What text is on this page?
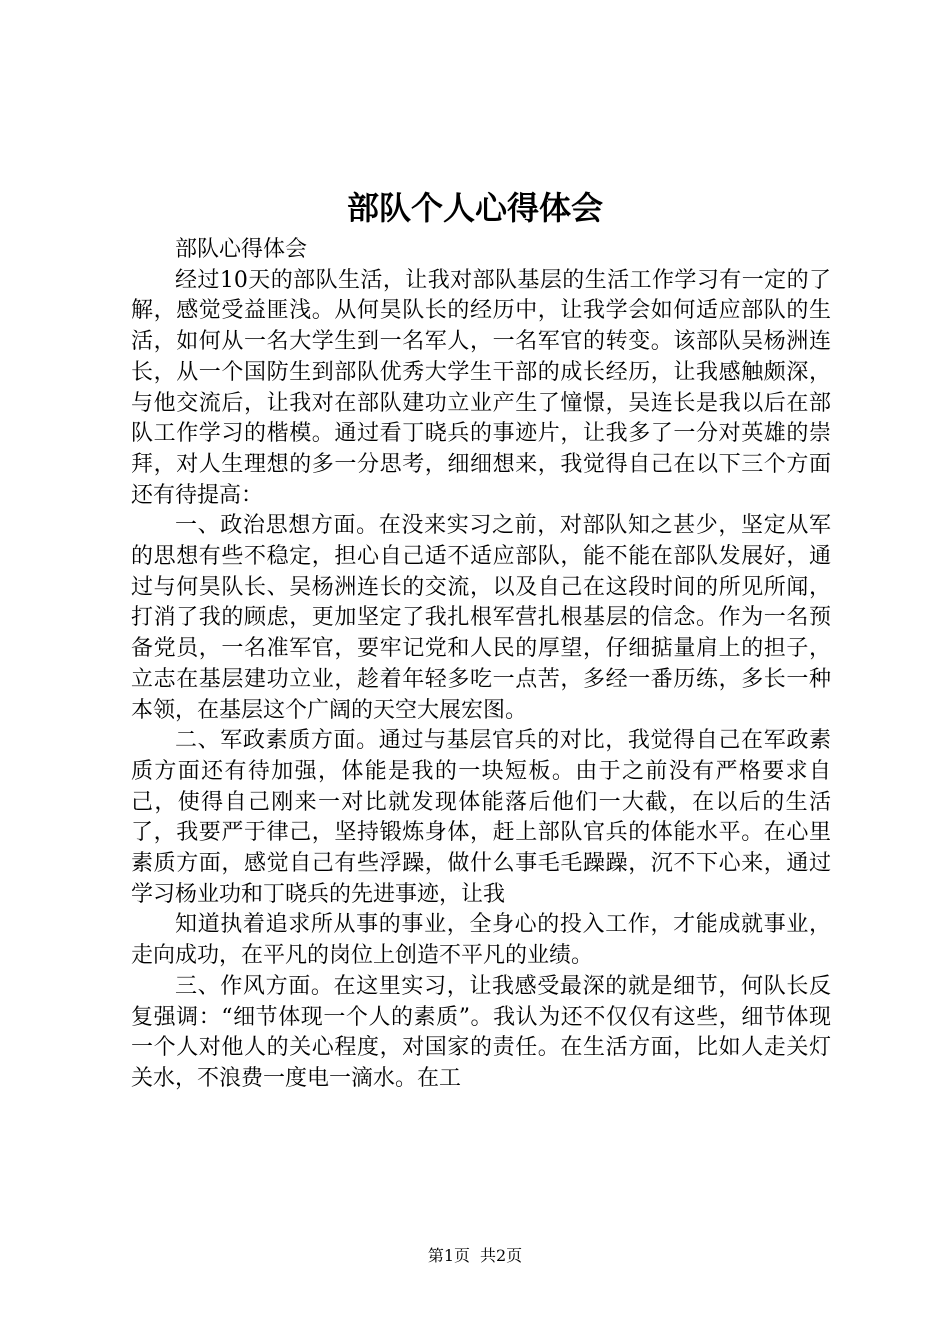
部队个人心得体会

部队心得体会

经过10天的部队生活，让我对部队基层的生活工作学习有一定的了解，感觉受益匪浅。从何昊队长的经历中，让我学会如何适应部队的生活，如何从一名大学生到一名军人，一名军官的转变。该部队吴杨洲连长，从一个国防生到部队优秀大学生干部的成长经历，让我感触颇深，与他交流后，让我对在部队建功立业产生了憧憬，吴连长是我以后在部队工作学习的楷模。通过看丁晓兵的事迹片，让我多了一分对英雄的崇拜，对人生理想的多一分思考，细细想来，我觉得自己在以下三个方面还有待提高：

一、政治思想方面。在没来实习之前，对部队知之甚少，坚定从军的思想有些不稳定，担心自己适不适应部队，能不能在部队发展好，通过与何昊队长、吴杨洲连长的交流，以及自己在这段时间的所见所闻，打消了我的顾虑，更加坚定了我扎根军营扎根基层的信念。作为一名预备党员，一名准军官，要牢记党和人民的厚望，仔细掂量肩上的担子，立志在基层建功立业，趁着年轻多吃一点苦，多经一番历练，多长一种本领，在基层这个广阔的天空大展宏图。

二、军政素质方面。通过与基层官兵的对比，我觉得自己在军政素质方面还有待加强，体能是我的一块短板。由于之前没有严格要求自己，使得自己刚来一对比就发现体能落后他们一大截，在以后的生活了，我要严于律己，坚持锻炼身体，赶上部队官兵的体能水平。在心里素质方面，感觉自己有些浮躁，做什么事毛毛躁躁，沉不下心来，通过学习杨业功和丁晓兵的先进事迹，让我

知道执着追求所从事的事业，全身心的投入工作，才能成就事业，走向成功，在平凡的岗位上创造不平凡的业绩。

三、作风方面。在这里实习，让我感受最深的就是细节，何队长反复强调：“细节体现一个人的素质”。我认为还不仅仅有这些，细节体现一个人对他人的关心程度，对国家的责任。在生活方面，比如人走关灯关水，不浪费一度电一滴水。在工

第1页 共2页
